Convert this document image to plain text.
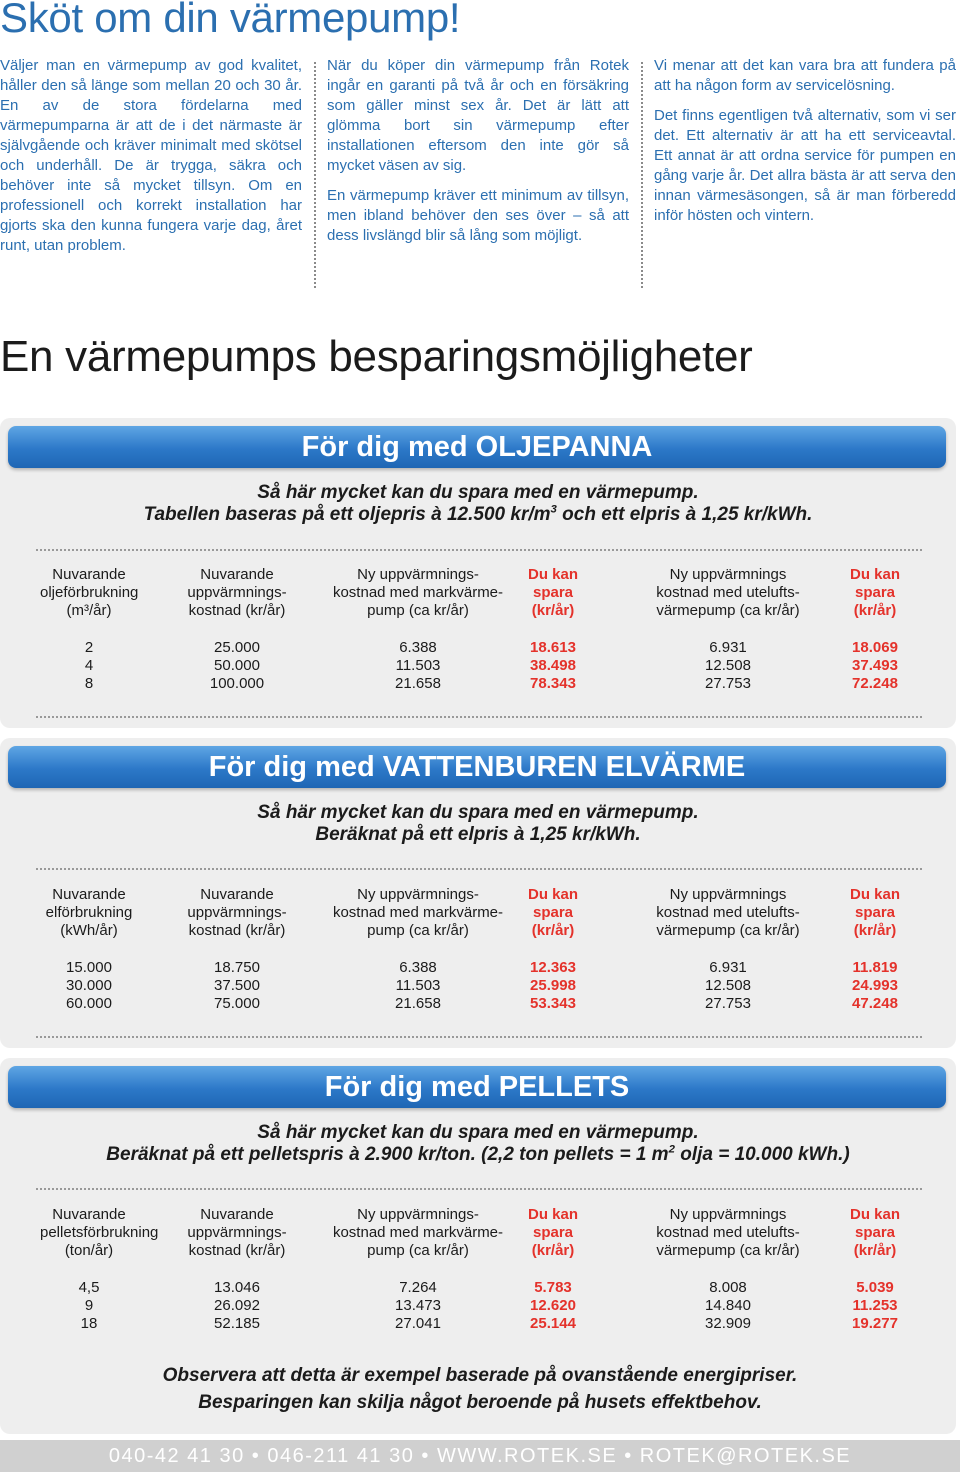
Sköt om din värmepump!

Väljer man en värmepump av god kvalitet, håller den så länge som mellan 20 och 30 år. En av de stora fördelarna med värmepumparna är att de i det närmaste är självgående och kräver minimalt med skötsel och underhåll. De är trygga, säkra och behöver inte så mycket tillsyn. Om en professionell och korrekt installation har gjorts ska den kunna fungera varje dag, året runt, utan problem.

När du köper din värmepump från Rotek ingår en garanti på två år och en försäkring som gäller minst sex år. Det är lätt att glömma bort sin värmepump efter installationen eftersom den inte gör så mycket väsen av sig.

En värmepump kräver ett minimum av tillsyn, men ibland behöver den ses över – så att dess livslängd blir så lång som möjligt.

Vi menar att det kan vara bra att fundera på att ha någon form av servicelösning.

Det finns egentligen två alternativ, som vi ser det. Ett alternativ är att ha ett serviceavtal. Ett annat är att ordna service för pumpen en gång varje år. Det allra bästa är att serva den innan värmesäsongen, så är man förberedd inför hösten och vintern.

En värmepumps besparingsmöjligheter
För dig med OLJEPANNA
Så här mycket kan du spara med en värmepump.
Tabellen baseras på ett oljepris à 12.500 $kr/m^3$ och ett elpris à 1,25 kr/kWh.
Nuvarande
oljeförbrukning
(m³/år)
Nuvarande
uppvärmnings-
kostnad (kr/år)
Ny uppvärmnings-
kostnad med markvärme-
pump (ca kr/år)
Du kan
spara
(kr/år)
Ny uppvärmnings
kostnad med utelufts-
värmepump (ca kr/år)
Du kan
spara
(kr/år)
2
4
8
25.000
50.000
100.000
6.388
11.503
21.658
18.613
38.498
78.343
6.931
12.508
27.753
18.069
37.493
72.248
För dig med VATTENBUREN ELVÄRME
Så här mycket kan du spara med en värmepump.
Beräknat på ett elpris à 1,25 kr/kWh.
Nuvarande
elförbrukning
(kWh/år)
Nuvarande
uppvärmnings-
kostnad (kr/år)
Ny uppvärmnings-
kostnad med markvärme-
pump (ca kr/år)
Du kan
spara
(kr/år)
Ny uppvärmnings
kostnad med utelufts-
värmepump (ca kr/år)
Du kan
spara
(kr/år)
15.000
30.000
60.000
18.750
37.500
75.000
6.388
11.503
21.658
12.363
25.998
53.343
6.931
12.508
27.753
11.819
24.993
47.248
För dig med PELLETS
Så här mycket kan du spara med en värmepump.
Beräknat på ett pelletspris à 2.900 kr/ton. (2,2 ton pellets = 1 $m^2$ olja = 10.000 kWh.)
Nuvarande
pelletsförbrukning
(ton/år)
Nuvarande
uppvärmnings-
kostnad (kr/år)
Ny uppvärmnings-
kostnad med markvärme-
pump (ca kr/år)
Du kan
spara
(kr/år)
Ny uppvärmnings
kostnad med utelufts-
värmepump (ca kr/år)
Du kan
spara
(kr/år)
4,5
9
18
13.046
26.092
52.185
7.264
13.473
27.041
5.783
12.620
25.144
8.008
14.840
32.909
5.039
11.253
19.277
Observera att detta är exempel baserade på ovanstående energipriser.
Besparingen kan skilja något beroende på husets effektbehov.
040-42 41 30 • 046-211 41 30 • WWW.ROTEK.SE • ROTEK@ROTEK.SE
